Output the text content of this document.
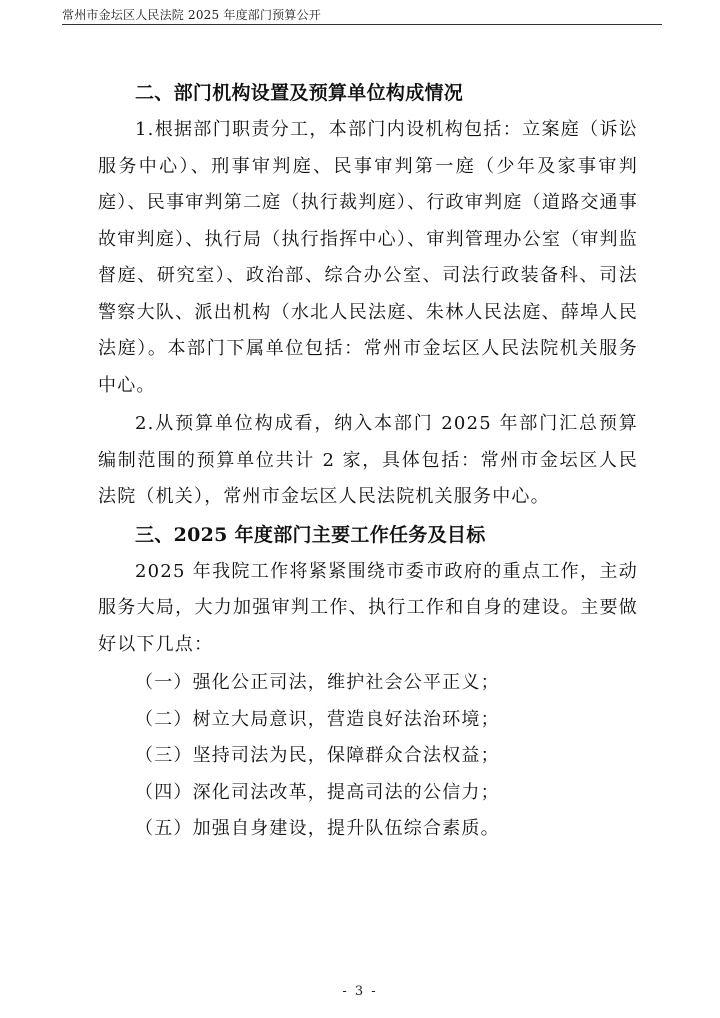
常州市金坛区人民法院 2025 年度部门预算公开
二、部门机构设置及预算单位构成情况

1.根据部门职责分工，本部门内设机构包括：立案庭（诉讼服务中心）、刑事审判庭、民事审判第一庭（少年及家事审判庭）、民事审判第二庭（执行裁判庭）、行政审判庭（道路交通事故审判庭）、执行局（执行指挥中心）、审判管理办公室（审判监督庭、研究室）、政治部、综合办公室、司法行政装备科、司法警察大队、派出机构（水北人民法庭、朱林人民法庭、薛埠人民法庭）。本部门下属单位包括：常州市金坛区人民法院机关服务中心。

2.从预算单位构成看，纳入本部门 2025 年部门汇总预算编制范围的预算单位共计 2 家，具体包括：常州市金坛区人民法院（机关），常州市金坛区人民法院机关服务中心。

三、2025 年度部门主要工作任务及目标

2025 年我院工作将紧紧围绕市委市政府的重点工作，主动服务大局，大力加强审判工作、执行工作和自身的建设。主要做好以下几点：

（一）强化公正司法，维护社会公平正义；
（二）树立大局意识，营造良好法治环境；
（三）坚持司法为民，保障群众合法权益；
（四）深化司法改革，提高司法的公信力；
（五）加强自身建设，提升队伍综合素质。
- 3 -
